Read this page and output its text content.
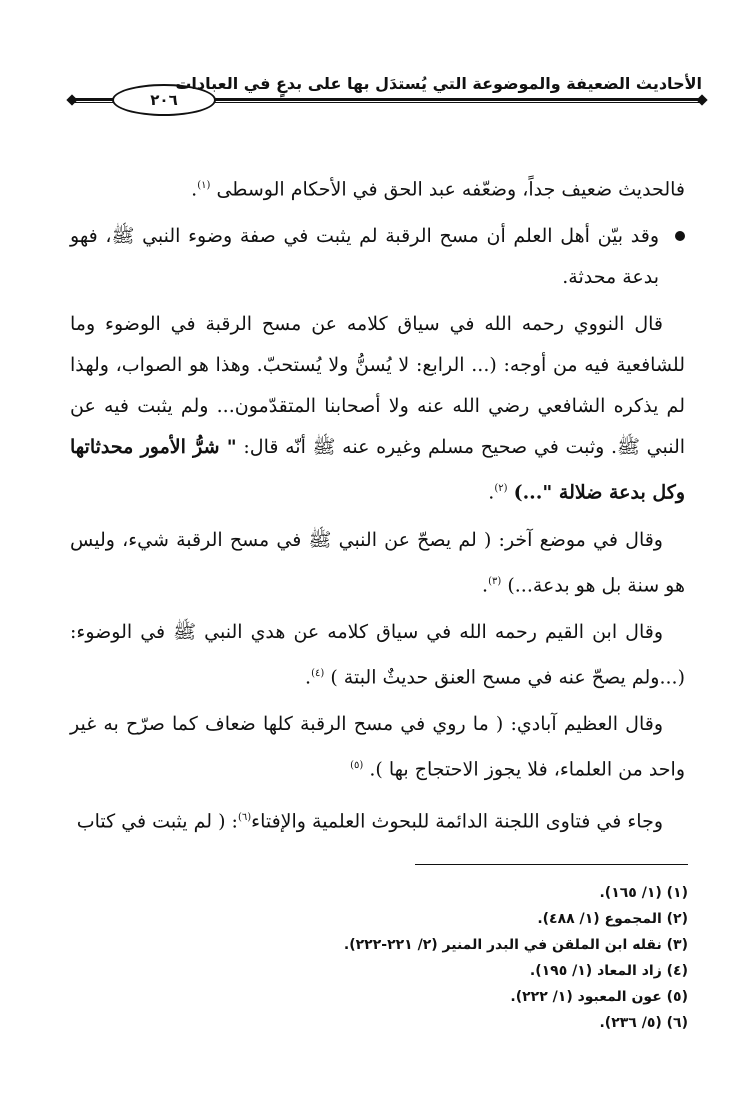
٢٠٦
الأحاديث الضعيفة والموضوعة التي يُستدَل بها على بدعٍ في العبادات

فالحديث ضعيف جداً، وضعّفه عبد الحق في الأحكام الوسطى $^{(١)}$.

وقد بيّن أهل العلم أن مسح الرقبة لم يثبت في صفة وضوء النبي ﷺ، فهو بدعة محدثة.

قال النووي رحمه الله في سياق كلامه عن مسح الرقبة في الوضوء وما للشافعية فيه من أوجه: (... الرابع: لا يُسنُّ ولا يُستحبّ. وهذا هو الصواب، ولهذا لم يذكره الشافعي رضي الله عنه ولا أصحابنا المتقدّمون... ولم يثبت فيه عن النبي ﷺ. وثبت في صحيح مسلم وغيره عنه ﷺ أنّه قال: " شرُّ الأمور محدثاتها وكل بدعة ضلالة "...) $^{(٢)}$.

وقال في موضع آخر: ( لم يصحّ عن النبي ﷺ في مسح الرقبة شيء، وليس هو سنة بل هو بدعة...) $^{(٣)}$.

وقال ابن القيم رحمه الله في سياق كلامه عن هدي النبي ﷺ في الوضوء: (...ولم يصحّ عنه في مسح العنق حديثٌ البتة ) $^{(٤)}$.

وقال العظيم آبادي: ( ما روي في مسح الرقبة كلها ضعاف كما صرّح به غير واحد من العلماء، فلا يجوز الاحتجاج بها ). $^{(٥)}$

وجاء في فتاوى اللجنة الدائمة للبحوث العلمية والإفتاء$^{(٦)}$: ( لم يثبت في كتاب

(١) (١/ ١٦٥).
(٢) المجموع (١/ ٤٨٨).
(٣) نقله ابن الملقن في البدر المنير (٢/ ٢٢١-٢٢٢).
(٤) زاد المعاد (١/ ١٩٥).
(٥) عون المعبود (١/ ٢٢٢).
(٦) (٥/ ٢٣٦).
